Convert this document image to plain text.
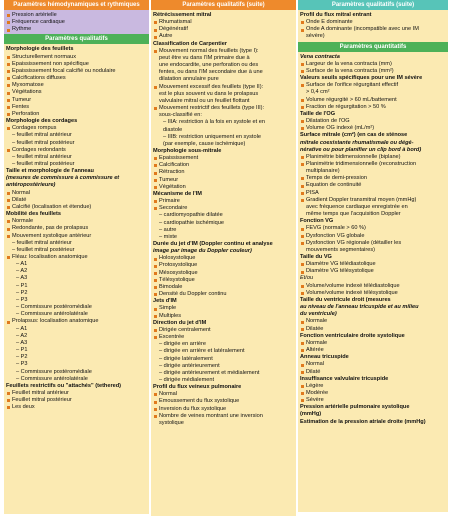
Paramètres hémodynamiques et rythmiques
Pression artérielle
Fréquence cardiaque
Rythme
Paramètres qualitatifs
Morphologie des feuillets
Structurellement normaux
Épaississement non spécifique
Épaississement focal calcifié ou nodulaire
Calcifications diffuses
Myxomatose
Végétations
Tumeur
Fentes
Perforation
Morphologie des cordages
Cordages rompus
– feuillet mitral antérieur
– feuillet mitral postérieur
Cordages redondants
– feuillet mitral antérieur
– feuillet mitral postérieur
Taille et morphologie de l'anneau
(mesures de commissure à commissure et
antéropostérieure)
Normal
Dilaté
Calcifié (localisation et étendue)
Mobilité des feuillets
Normale
Redondante, pas de prolapsus
Mouvement systolique antérieur
– feuillet mitral antérieur
– feuillet mitral postérieur
Fléau: localisation anatomique
– A1
– A2
– A3
– P1
– P2
– P3
– Commissure postéromédiale
– Commissure antérolatérale
Prolapsus: localisation anatomique
– A1
– A2
– A3
– P1
– P2
– P3
– Commissure postéromédiale
– Commissure antérolatérale
Feuillets restrictifs ou "attachés" (tethered)
Feuillet mitral antérieur
Feuillet mitral postérieur
Les deux
Paramètres qualitatifs (suite)
Rétrécissement mitral
Rhumatismal
Dégénératif
Autre
Classification de Carpentier
Mouvement normal des feuillets (type I):
peut être vu dans l'IM primaire due à
une endocardite, une perforation ou des
fentes, ou dans l'IM secondaire due à une
dilatation annulaire pure
Mouvement excessif des feuillets (type II):
est le plus souvent vu dans le prolapsus
valvulaire mitral ou un feuillet flottant
Mouvement restrictif des feuillets (type III):
sous-classifié en:
– IIIA: restriction à la fois en systole et en
diastole
– IIIB: restriction uniquement en systole
(par exemple, cause ischémique)
Morphologie sous-mitrale
Épaississement
Calcification
Rétraction
Tumeur
Végétation
Mécanisme de l'IM
Primaire
Secondaire
– cardiomyopathie dilatée
– cardiopathie ischémique
– autre
– mixte
Durée du jet d'IM (Doppler continu et analyse
image par image du Doppler couleur)
Holosystolique
Protosystolique
Mésosystolique
Télésystolique
Bimodale
Densité du Doppler continu
Jets d'IM
Simple
Multiples
Direction du jet d'IM
Dirigée centralement
Excentrée
– dirigée en arrière
– dirigée en arrière et latéralement
– dirigée latéralement
– dirigée antérieurement
– dirigée antérieurement et médialement
– dirigée médialement
Profil du flux veineux pulmonaire
Normal
Émoussement du flux systolique
Inversion du flux systolique
Nombre de veines montrant une inversion
systolique
Paramètres qualitatifs (suite)
Profil du flux mitral entrant
Onde E dominante
Onde A dominante (incompatible avec une IM
sévère)
Paramètres quantitatifs
Vena contracta
Largeur de la vena contracta (mm)
Surface de la vena contracta (mm²)
Valeurs seuils spécifiques pour une IM sévère
Surface de l'orifice régurgitant effectif
> 0,4 cm²
Volume régurgité > 60 mL/battement
Fraction de régurgitation > 50 %
Taille de l'OG
Dilatation de l'OG
Volume OG indexé (mL/m²)
Surface mitrale (cm²) (en cas de sténose
mitrale coexistante rhumatismale ou dégé-
nérative ou pour planifier un clip bord à bord)
Planimétrie bidimensionnelle (biplane)
Planimétrie tridimensionnelle (reconstruction
multiplanaire)
Temps de demi-pression
Équation de continuité
PISA
Gradient Doppler transmitral moyen (mmHg)
avec fréquence cardiaque enregistrée en
même temps que l'acquisition Doppler
Fonction VG
FEVG (normale > 60 %)
Dysfonction VG globale
Dysfonction VG régionale (détailler les
mouvements segmentaires)
Taille du VG
Diamètre VG télédiastolique
Diamètre VG télésystolique
Et/ou
Volume/volume indexé télédiastolique
Volume/volume indexé télésystolique
Taille du ventricule droit (mesures
au niveau de l'anneau tricuspide et au milieu
du ventricule)
Normale
Dilatée
Fonction ventriculaire droite systolique
Normale
Altérée
Anneau tricuspide
Normal
Dilaté
Insuffisance valvulaire tricuspide
Légère
Modérée
Sévère
Pression artérielle pulmonaire systolique
(mmHg)
Estimation de la pression atriale droite (mmHg)
